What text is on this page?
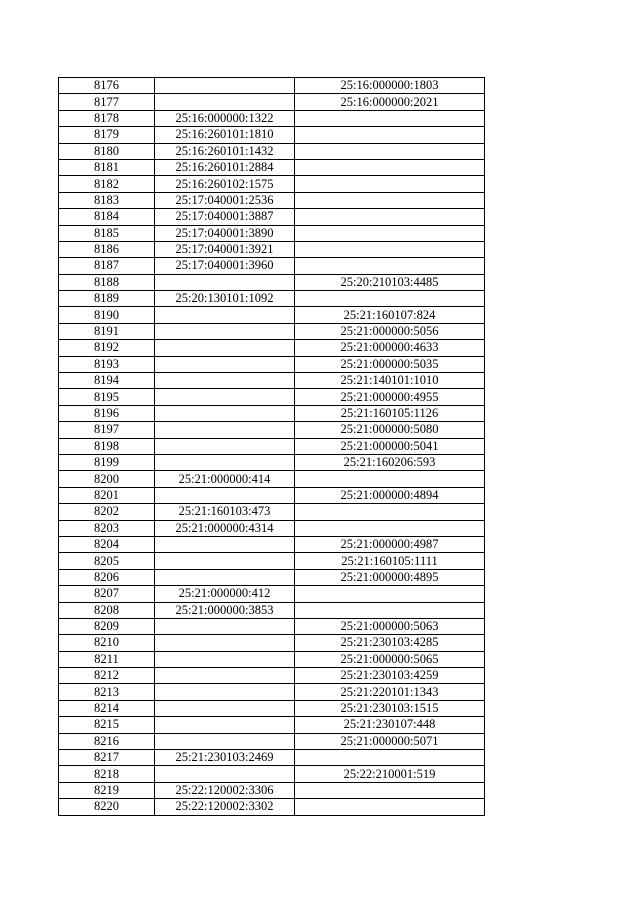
8176		25:16:000000:1803
8177		25:16:000000:2021
8178	25:16:000000:1322	
8179	25:16:260101:1810	
8180	25:16:260101:1432	
8181	25:16:260101:2884	
8182	25:16:260102:1575	
8183	25:17:040001:2536	
8184	25:17:040001:3887	
8185	25:17:040001:3890	
8186	25:17:040001:3921	
8187	25:17:040001:3960	
8188		25:20:210103:4485
8189	25:20:130101:1092	
8190		25:21:160107:824
8191		25:21:000000:5056
8192		25:21:000000:4633
8193		25:21:000000:5035
8194		25:21:140101:1010
8195		25:21:000000:4955
8196		25:21:160105:1126
8197		25:21:000000:5080
8198		25:21:000000:5041
8199		25:21:160206:593
8200	25:21:000000:414	
8201		25:21:000000:4894
8202	25:21:160103:473	
8203	25:21:000000:4314	
8204		25:21:000000:4987
8205		25:21:160105:1111
8206		25:21:000000:4895
8207	25:21:000000:412	
8208	25:21:000000:3853	
8209		25:21:000000:5063
8210		25:21:230103:4285
8211		25:21:000000:5065
8212		25:21:230103:4259
8213		25:21:220101:1343
8214		25:21:230103:1515
8215		25:21:230107:448
8216		25:21:000000:5071
8217	25:21:230103:2469	
8218		25:22:210001:519
8219	25:22:120002:3306	
8220	25:22:120002:3302	
